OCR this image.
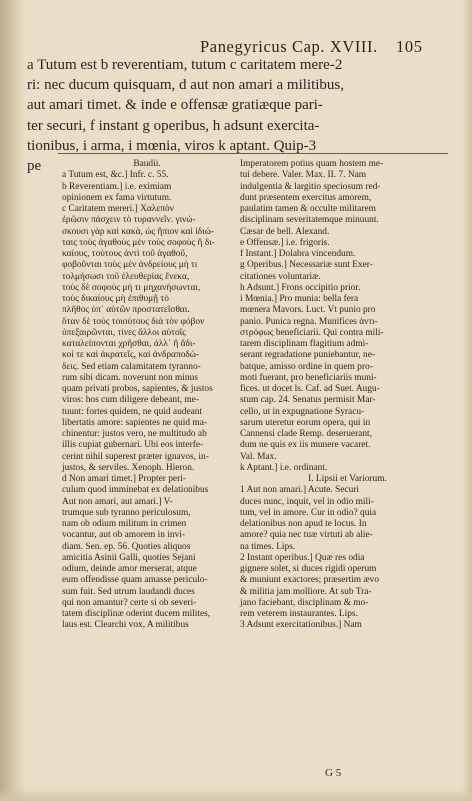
Panegyricus Cap. XVIII. 105
a Tutum est b reverentiam, tutum c caritatem mere-2
ri: nec ducum quisquam, d aut non amari a militibus,
aut amari timet. & inde e offensæ gratiæque pari-
ter securi, f instant g operibus, h adsunt exercita-
tionibus, i arma, i mœnia, viros k aptant. Quip-3
pe	Baudii.
a Tutum est, &c.] Infr. c. 55.
b Reverentiam.] i.e. eximiam
opinionem ex fama virtutum.
c Caritatem mereri.] Χαλεπὸν
ἐρῶσιν πάσχειν τὸ τυραννεῖν. γινώ-
σκουσι γὰρ καὶ κακὰ, ὡς ἤπιον καὶ ἰδιώ-
ταις τοὺς ἀγαθοὺς μὲν τοὺς σοφοὺς ἢ δι-
καίους, τοὺτους ἀντὶ τοῦ ἀγαθοῦ,
φοβοῦνται τοὺς μὲν ἀνδρείους μὴ τι
τολμήσωσι τοῦ ἐλευθερίας ἕνεκα,
τοὺς δὲ σοφοὺς μή τι μηχανήσωνται,
τοὺς δικαίους μὴ ἐπιθυμῇ τὸ
πλῆθος ὑπ᾽ αὐτῶν προστατεῖσθαι.
ὅταν δὲ τοὺς τοιούτους διὰ τὸν φόβον
ὑπεξαιρῶνται, τίνες ἄλλοι αὐτοῖς
καταλείπονται χρῆσθαι, ἀλλ᾽ ἢ ἄδι-
κοί τε καὶ ἀκρατεῖς, καὶ ἀνδραποδώ-
δεις. Sed etiam calamitatem tyranno-
rum sibi dicam. noverunt non minus
quam privati probos, sapientes, & justos
viros: hos cum diligere debeant, me-
tuunt: fortes quidem, ne quid audeant
libertatis amore: sapientes ne quid ma-
chinentur: justos vero, ne multitudo ab
illis cupiat gubernari. Ubi eos interfe-
cerint nihil superest præter ignavos, in-
justos, & serviles. Xenoph. Hieron.
d Non amari timet.] Propter peri-
culum quod imminebat ex delationibus
Aut non amari, aut amari.] V-
trumque sub tyranno periculosum,
nam ob odium militum in crimen
vocantur, aut ob amorem in invi-
diam. Sen. ep. 56. Quoties aliquos
amicitia Asinii Galli, quoties Sejani
odium, deinde amor merserat, atque
eum offendisse quam amasse periculo-
sum fuit. Sed utrum laudandi duces
qui non amantur? certe si ob severi-
tatem disciplinæ oderint ducem milites,
laus est. Clearchi vox, A militibus
Imperatorem potius quam hostem me-
tui debere. Valer. Max. II. 7. Nam
indulgentia & largitio speciosum red-
dunt præsentem exercitus amorem,
paulatim tamen & occulte militarem
disciplinam severitatemque minuunt.
Cæsar de bell. Alexand.
e Offensæ.] i.e. frigoris.
f Instant.] Dolabra vincendum.
g Operibus.] Necessariæ sunt Exer-
citationes voluntariæ.
h Adsunt.] Frons occipitio prior.
i Mœnia.] Pro munia: bella fera
mœnera Mavors. Luct. Vt punio pro
panio. Punica regna. Munifices ἀντι-
στρόφως beneficiarii. Qui contra mili-
tarem disciplinam flagitium admi-
serant regradatione puniebantur, ne-
batque, amisso ordine in quem pro-
moti fuerant, pro beneficiariis muni-
fices. ut docet ls. Caf. ad Suet. Augu-
stum cap. 24. Senatus permisit Mar-
cello, ut in expugnatione Syracu-
sarum uteretur eorum opera, qui in
Cannensi clade Remp. deseruerant,
dum ne quis ex iis munere vacaret.
Val. Max.
k Aptant.] i.e. ordinant.
I. Lipsii et Variorum.
1 Aut non amari.] Acute. Securi
duces nunc, inquit, vel in odio mili-
tum, vel in amore. Cur in odio? quia
delationibus non apud te locus. In
amore? quia nec tuæ virtuti ab alie-
na times. Lips.
2 Instant operibus.] Quæ res odia
gignere solet, si duces rigidi operum
& muniunt exactores; præsertim ævo
& militia jam molliore. At sub Tra-
jano faciebant, disciplinam & mo-
rem veterem instaurantes. Lips.
3 Adsunt exercitationibus.] Nam
G 5
